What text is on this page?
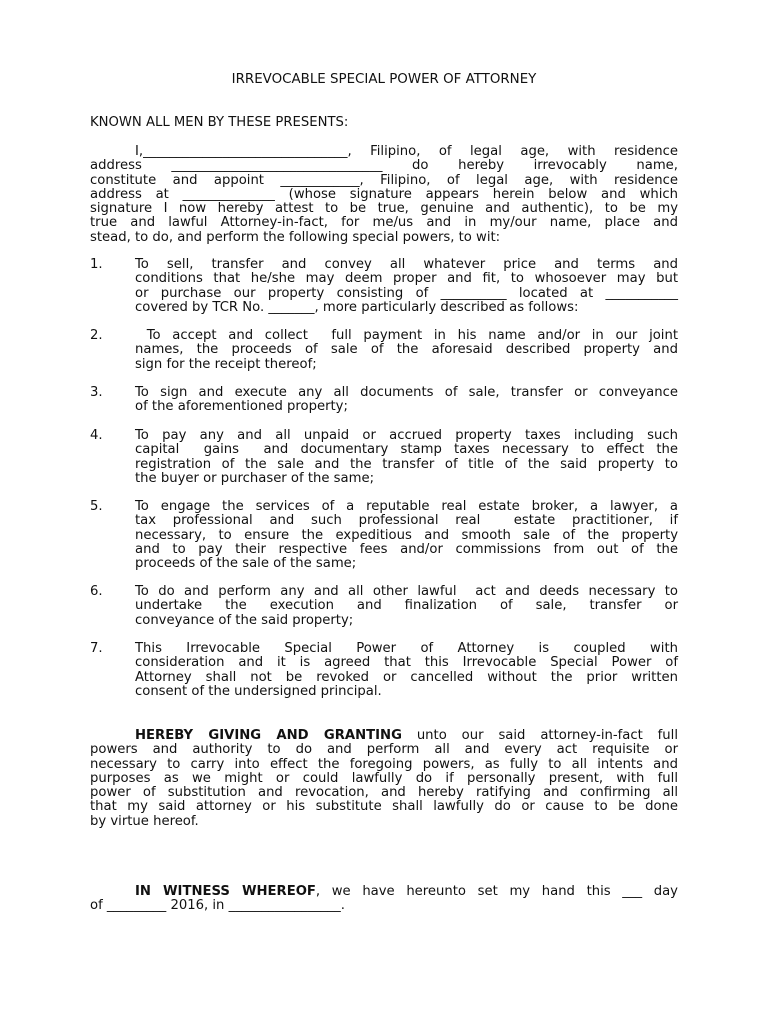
IRREVOCABLE SPECIAL POWER OF ATTORNEY
KNOWN ALL MEN BY THESE PRESENTS:
I,_______________________________, Filipino, of legal age, with residence
address ________________________________ do hereby irrevocably name,
constitute and appoint ____________, Filipino, of legal age, with residence
address at ______________ (whose signature appears herein below and which
signature I now hereby attest to be true, genuine and authentic), to be my
true and lawful Attorney-in-fact, for me/us and in my/our name, place and
stead, to do, and perform the following special powers, to wit:
1.	To sell, transfer and convey all whatever price and terms and
conditions that he/she may deem proper and fit, to whosoever may but
or purchase our property consisting of __________ located at ___________
covered by TCR No. _______, more particularly described as follows:
2.	To accept and collect  full payment in his name and/or in our joint
names, the proceeds of sale of the aforesaid described property and
sign for the receipt thereof;
3.	To sign and execute any all documents of sale, transfer or conveyance
of the aforementioned property;
4.	To pay any and all unpaid or accrued property taxes including such
capital  gains  and documentary stamp taxes necessary to effect the
registration of the sale and the transfer of title of the said property to
the buyer or purchaser of the same;
5.	To engage the services of a reputable real estate broker, a lawyer, a
tax professional and such professional real  estate practitioner, if
necessary, to ensure the expeditious and smooth sale of the property
and to pay their respective fees and/or commissions from out of the
proceeds of the sale of the same;
6.	To do and perform any and all other lawful  act and deeds necessary to
undertake the execution and finalization of sale, transfer or
conveyance of the said property;
7.	This Irrevocable Special Power of Attorney is coupled with
consideration and it is agreed that this Irrevocable Special Power of
Attorney shall not be revoked or cancelled without the prior written
consent of the undersigned principal.
HEREBY GIVING AND GRANTING unto our said attorney-in-fact full
powers and authority to do and perform all and every act requisite or
necessary to carry into effect the foregoing powers, as fully to all intents and
purposes as we might or could lawfully do if personally present, with full
power of substitution and revocation, and hereby ratifying and confirming all
that my said attorney or his substitute shall lawfully do or cause to be done
by virtue hereof.
IN WITNESS WHEREOF, we have hereunto set my hand this ___ day
of _________ 2016, in _________________.
